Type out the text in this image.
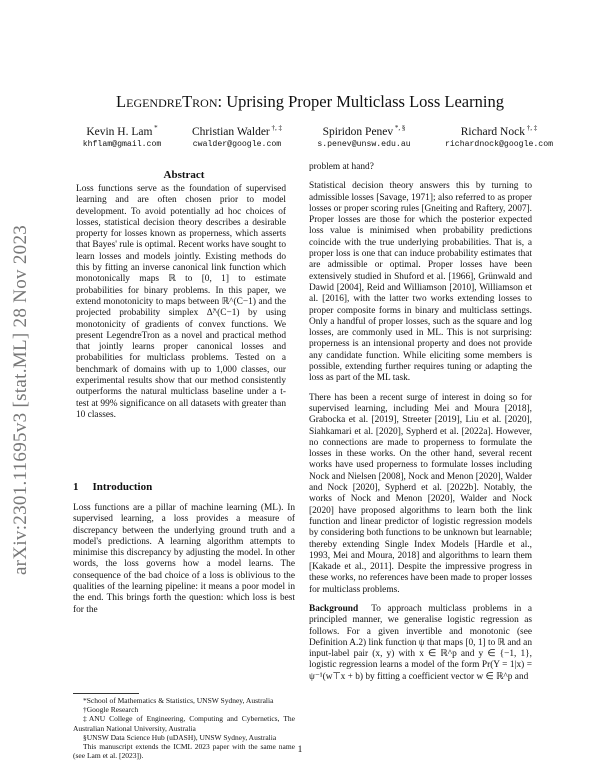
arXiv:2301.11695v3 [stat.ML] 28 Nov 2023
LegendreTron: Uprising Proper Multiclass Loss Learning
Kevin H. Lam *
khflam@gmail.com
Christian Walder †, ‡
cwalder@google.com
Spiridon Penev *, §
s.penev@unsw.edu.au
Richard Nock †, ‡
richardnock@google.com
Abstract
Loss functions serve as the foundation of supervised learning and are often chosen prior to model development. To avoid potentially ad hoc choices of losses, statistical decision theory describes a desirable property for losses known as properness, which asserts that Bayes' rule is optimal. Recent works have sought to learn losses and models jointly. Existing methods do this by fitting an inverse canonical link function which monotonically maps ℝ to [0, 1] to estimate probabilities for binary problems. In this paper, we extend monotonicity to maps between ℝ^(C−1) and the projected probability simplex Δ̃^(C−1) by using monotonicity of gradients of convex functions. We present LegendreTron as a novel and practical method that jointly learns proper canonical losses and probabilities for multiclass problems. Tested on a benchmark of domains with up to 1,000 classes, our experimental results show that our method consistently outperforms the natural multiclass baseline under a t-test at 99% significance on all datasets with greater than 10 classes.
1 Introduction
Loss functions are a pillar of machine learning (ML). In supervised learning, a loss provides a measure of discrepancy between the underlying ground truth and a model's predictions. A learning algorithm attempts to minimise this discrepancy by adjusting the model. In other words, the loss governs how a model learns. The consequence of the bad choice of a loss is oblivious to the qualities of the learning pipeline: it means a poor model in the end. This brings forth the question: which loss is best for the

*School of Mathematics & Statistics, UNSW Sydney, Australia

†Google Research

‡ANU College of Engineering, Computing and Cybernetics, The Australian National University, Australia

§UNSW Data Science Hub (uDASH), UNSW Sydney, Australia

This manuscript extends the ICML 2023 paper with the same name (see Lam et al. [2023]).

problem at hand?

Statistical decision theory answers this by turning to admissible losses [Savage, 1971]; also referred to as proper losses or proper scoring rules [Gneiting and Raftery, 2007]. Proper losses are those for which the posterior expected loss value is minimised when probability predictions coincide with the true underlying probabilities. That is, a proper loss is one that can induce probability estimates that are admissible or optimal. Proper losses have been extensively studied in Shuford et al. [1966], Grünwald and Dawid [2004], Reid and Williamson [2010], Williamson et al. [2016], with the latter two works extending losses to proper composite forms in binary and multiclass settings. Only a handful of proper losses, such as the square and log losses, are commonly used in ML. This is not surprising: properness is an intensional property and does not provide any candidate function. While eliciting some members is possible, extending further requires tuning or adapting the loss as part of the ML task.

There has been a recent surge of interest in doing so for supervised learning, including Mei and Moura [2018], Grabocka et al. [2019], Streeter [2019], Liu et al. [2020], Siahkamari et al. [2020], Sypherd et al. [2022a]. However, no connections are made to properness to formulate the losses in these works. On the other hand, several recent works have used properness to formulate losses including Nock and Nielsen [2008], Nock and Menon [2020], Walder and Nock [2020], Sypherd et al. [2022b]. Notably, the works of Nock and Menon [2020], Walder and Nock [2020] have proposed algorithms to learn both the link function and linear predictor of logistic regression models by considering both functions to be unknown but learnable; thereby extending Single Index Models [Hardle et al., 1993, Mei and Moura, 2018] and algorithms to learn them [Kakade et al., 2011]. Despite the impressive progress in these works, no references have been made to proper losses for multiclass problems.

Background To approach multiclass problems in a principled manner, we generalise logistic regression as follows. For a given invertible and monotonic (see Definition A.2) link function ψ that maps [0, 1] to ℝ and an input-label pair (x, y) with x ∈ ℝ^p and y ∈ {−1, 1}, logistic regression learns a model of the form Pr(Y = 1|x) = ψ⁻¹(w⊤x + b) by fitting a coefficient vector w ∈ ℝ^p and

1
